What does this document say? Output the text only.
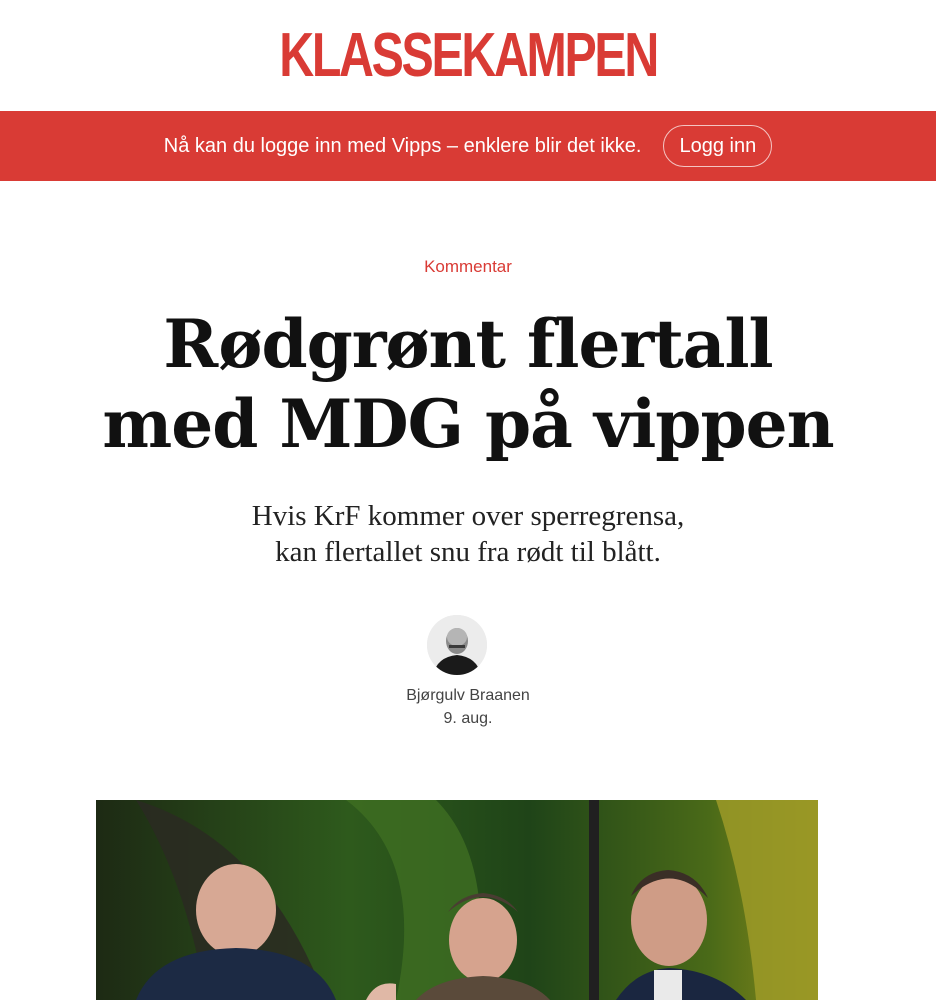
KLASSEKAMPEN
Nå kan du logge inn med Vipps – enklere blir det ikke.	Logg inn
Kommentar
Rødgrønt flertall
med MDG på vippen

Hvis KrF kommer over sperregrensa,
kan flertallet snu fra rødt til blått.

Bjørgulv Braanen
9. aug.
